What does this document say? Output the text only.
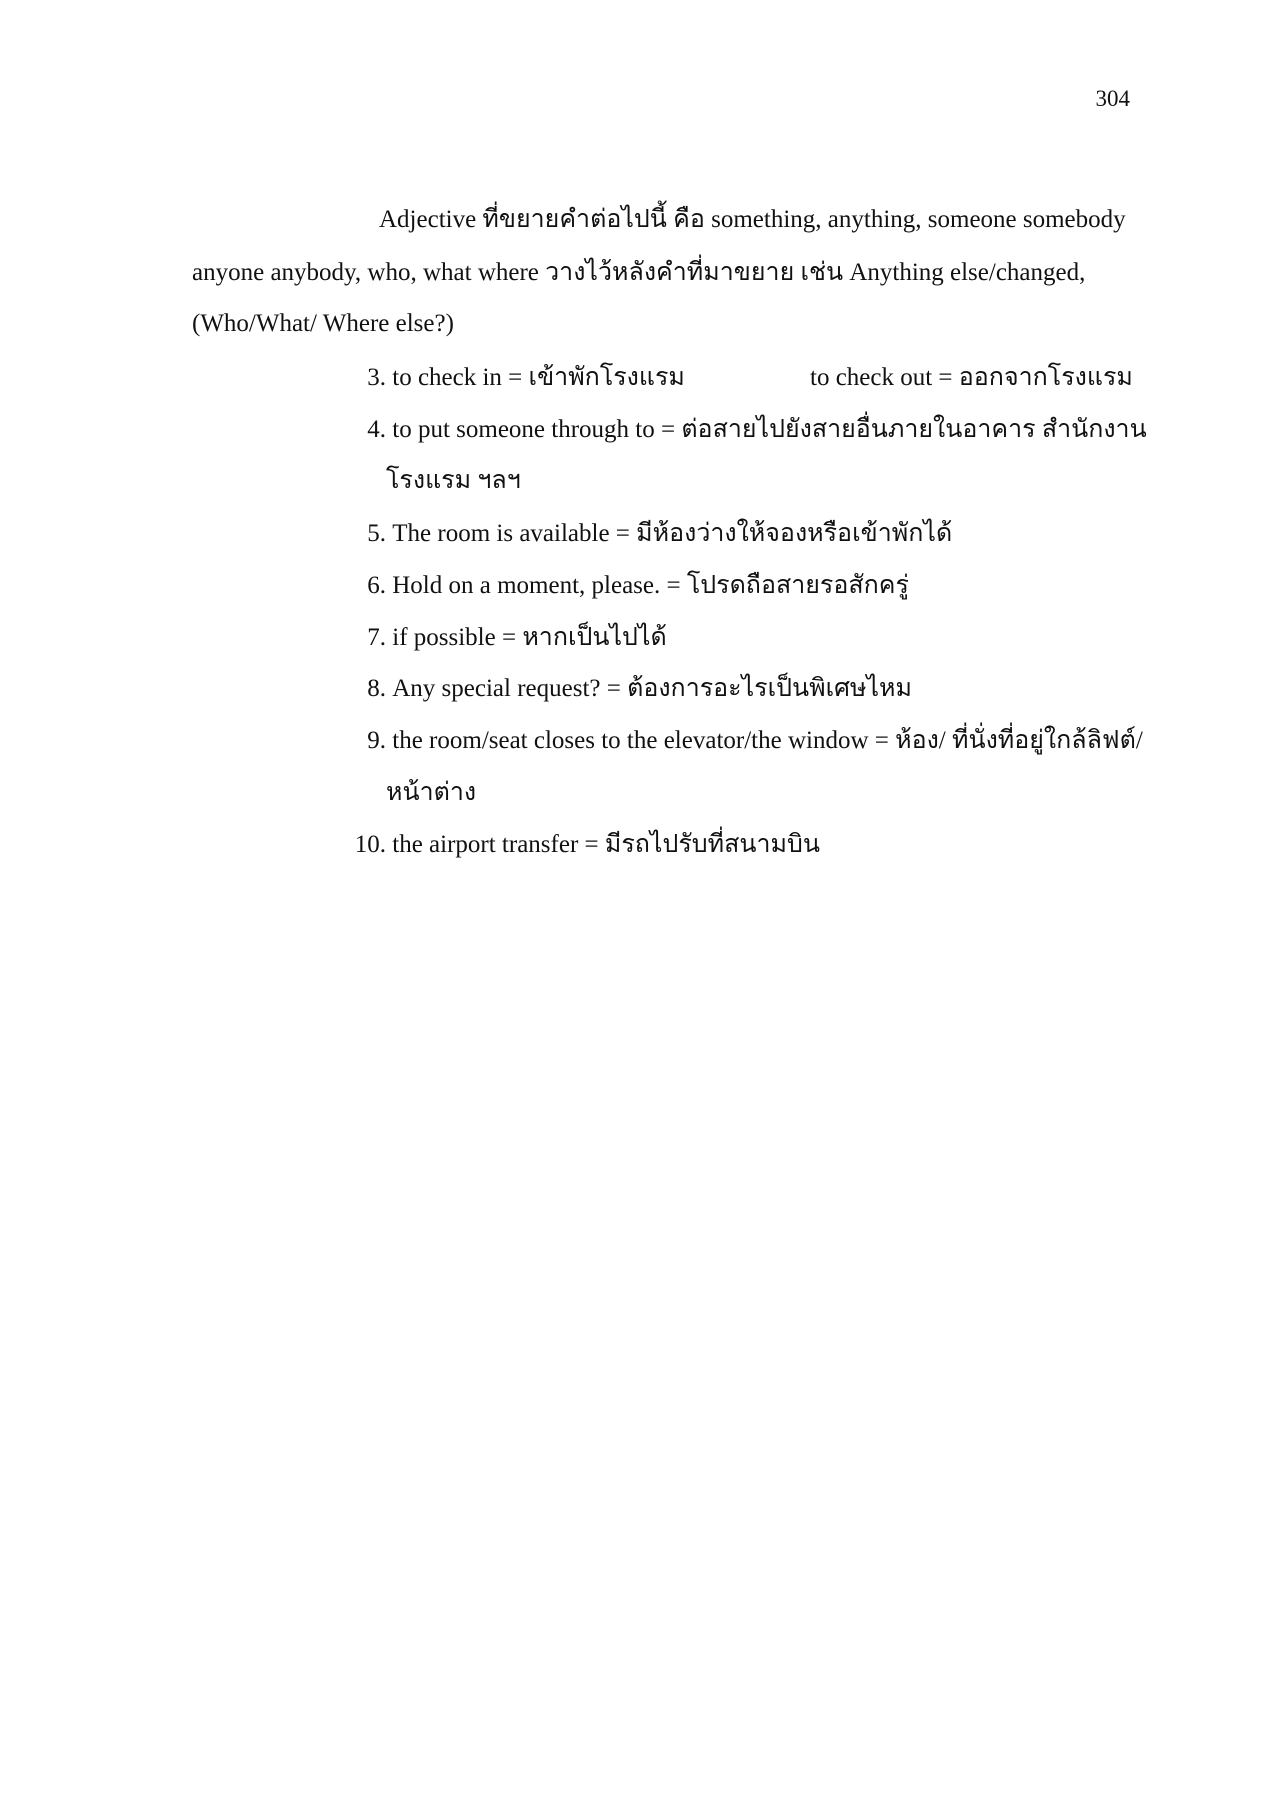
304
Adjective ที่ขยายคำต่อไปนี้ คือ something, anything, someone somebody
anyone anybody, who, what where วางไว้หลังคำที่มาขยาย เช่น Anything else/changed,
(Who/What/ Where else?)
3. to check in = เข้าพักโรงแรม	to check out = ออกจากโรงแรม
4. to put someone through to = ต่อสายไปยังสายอื่นภายในอาคาร สำนักงาน
โรงแรม ฯลฯ
5. The room is available = มีห้องว่างให้จองหรือเข้าพักได้
6. Hold on a moment, please. = โปรดถือสายรอสักครู่
7. if possible = หากเป็นไปได้
8. Any special request? = ต้องการอะไรเป็นพิเศษไหม
9. the room/seat closes to the elevator/the window = ห้อง/ ที่นั่งที่อยู่ใกล้ลิฟต์/
หน้าต่าง
10. the airport transfer = มีรถไปรับที่สนามบิน
